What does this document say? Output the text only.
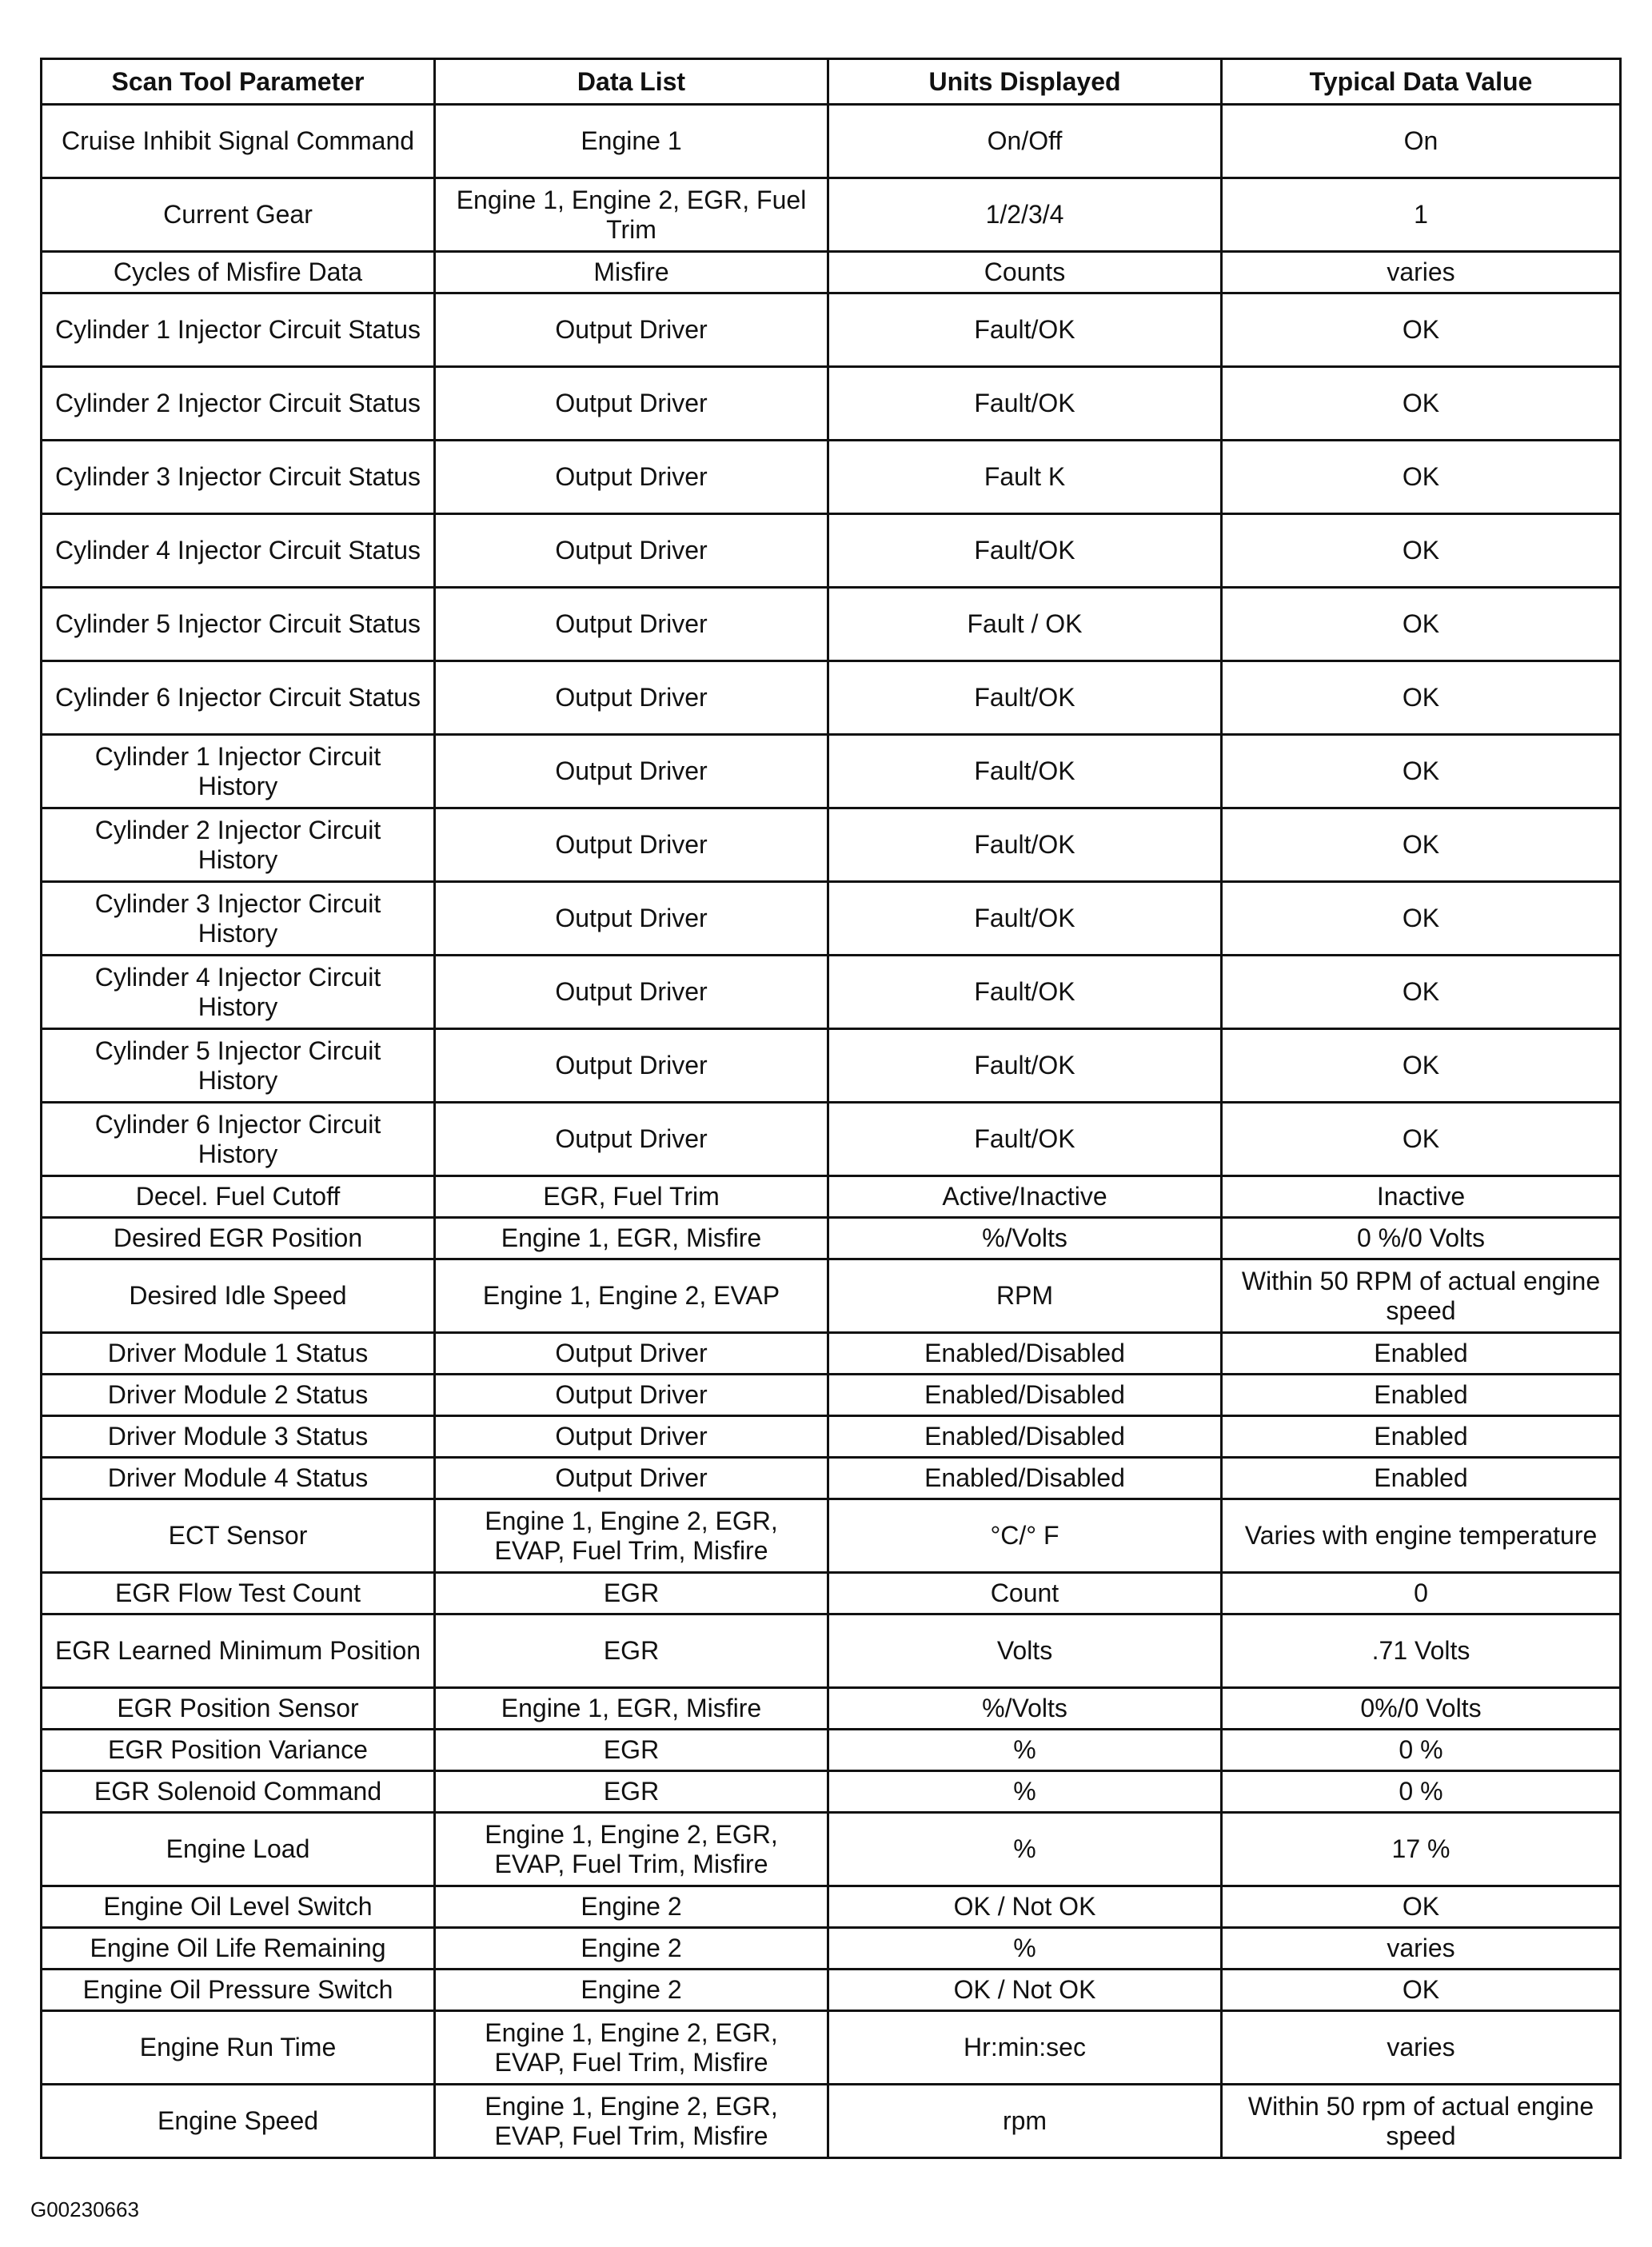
Scan Tool Parameter	Data List	Units Displayed	Typical Data Value
Cruise Inhibit Signal Command	Engine 1	On/Off	On
Current Gear	Engine 1, Engine 2, EGR, Fuel Trim	1/2/3/4	1
Cycles of Misfire Data	Misfire	Counts	varies
Cylinder 1 Injector Circuit Status	Output Driver	Fault/OK	OK
Cylinder 2 Injector Circuit Status	Output Driver	Fault/OK	OK
Cylinder 3 Injector Circuit Status	Output Driver	Fault K	OK
Cylinder 4 Injector Circuit Status	Output Driver	Fault/OK	OK
Cylinder 5 Injector Circuit Status	Output Driver	Fault / OK	OK
Cylinder 6 Injector Circuit Status	Output Driver	Fault/OK	OK
Cylinder 1 Injector Circuit History	Output Driver	Fault/OK	OK
Cylinder 2 Injector Circuit History	Output Driver	Fault/OK	OK
Cylinder 3 Injector Circuit History	Output Driver	Fault/OK	OK
Cylinder 4 Injector Circuit History	Output Driver	Fault/OK	OK
Cylinder 5 Injector Circuit History	Output Driver	Fault/OK	OK
Cylinder 6 Injector Circuit History	Output Driver	Fault/OK	OK
Decel. Fuel Cutoff	EGR, Fuel Trim	Active/Inactive	Inactive
Desired EGR Position	Engine 1, EGR, Misfire	%/Volts	0 %/0 Volts
Desired Idle Speed	Engine 1, Engine 2, EVAP	RPM	Within 50 RPM of actual engine speed
Driver Module 1 Status	Output Driver	Enabled/Disabled	Enabled
Driver Module 2 Status	Output Driver	Enabled/Disabled	Enabled
Driver Module 3 Status	Output Driver	Enabled/Disabled	Enabled
Driver Module 4 Status	Output Driver	Enabled/Disabled	Enabled
ECT Sensor	Engine 1, Engine 2, EGR, EVAP, Fuel Trim, Misfire	°C/° F	Varies with engine temperature
EGR Flow Test Count	EGR	Count	0
EGR Learned Minimum Position	EGR	Volts	.71 Volts
EGR Position Sensor	Engine 1, EGR, Misfire	%/Volts	0%/0 Volts
EGR Position Variance	EGR	%	0 %
EGR Solenoid Command	EGR	%	0 %
Engine Load	Engine 1, Engine 2, EGR, EVAP, Fuel Trim, Misfire	%	17 %
Engine Oil Level Switch	Engine 2	OK / Not OK	OK
Engine Oil Life Remaining	Engine 2	%	varies
Engine Oil Pressure Switch	Engine 2	OK / Not OK	OK
Engine Run Time	Engine 1, Engine 2, EGR, EVAP, Fuel Trim, Misfire	Hr:min:sec	varies
Engine Speed	Engine 1, Engine 2, EGR, EVAP, Fuel Trim, Misfire	rpm	Within 50 rpm of actual engine speed
G00230663
